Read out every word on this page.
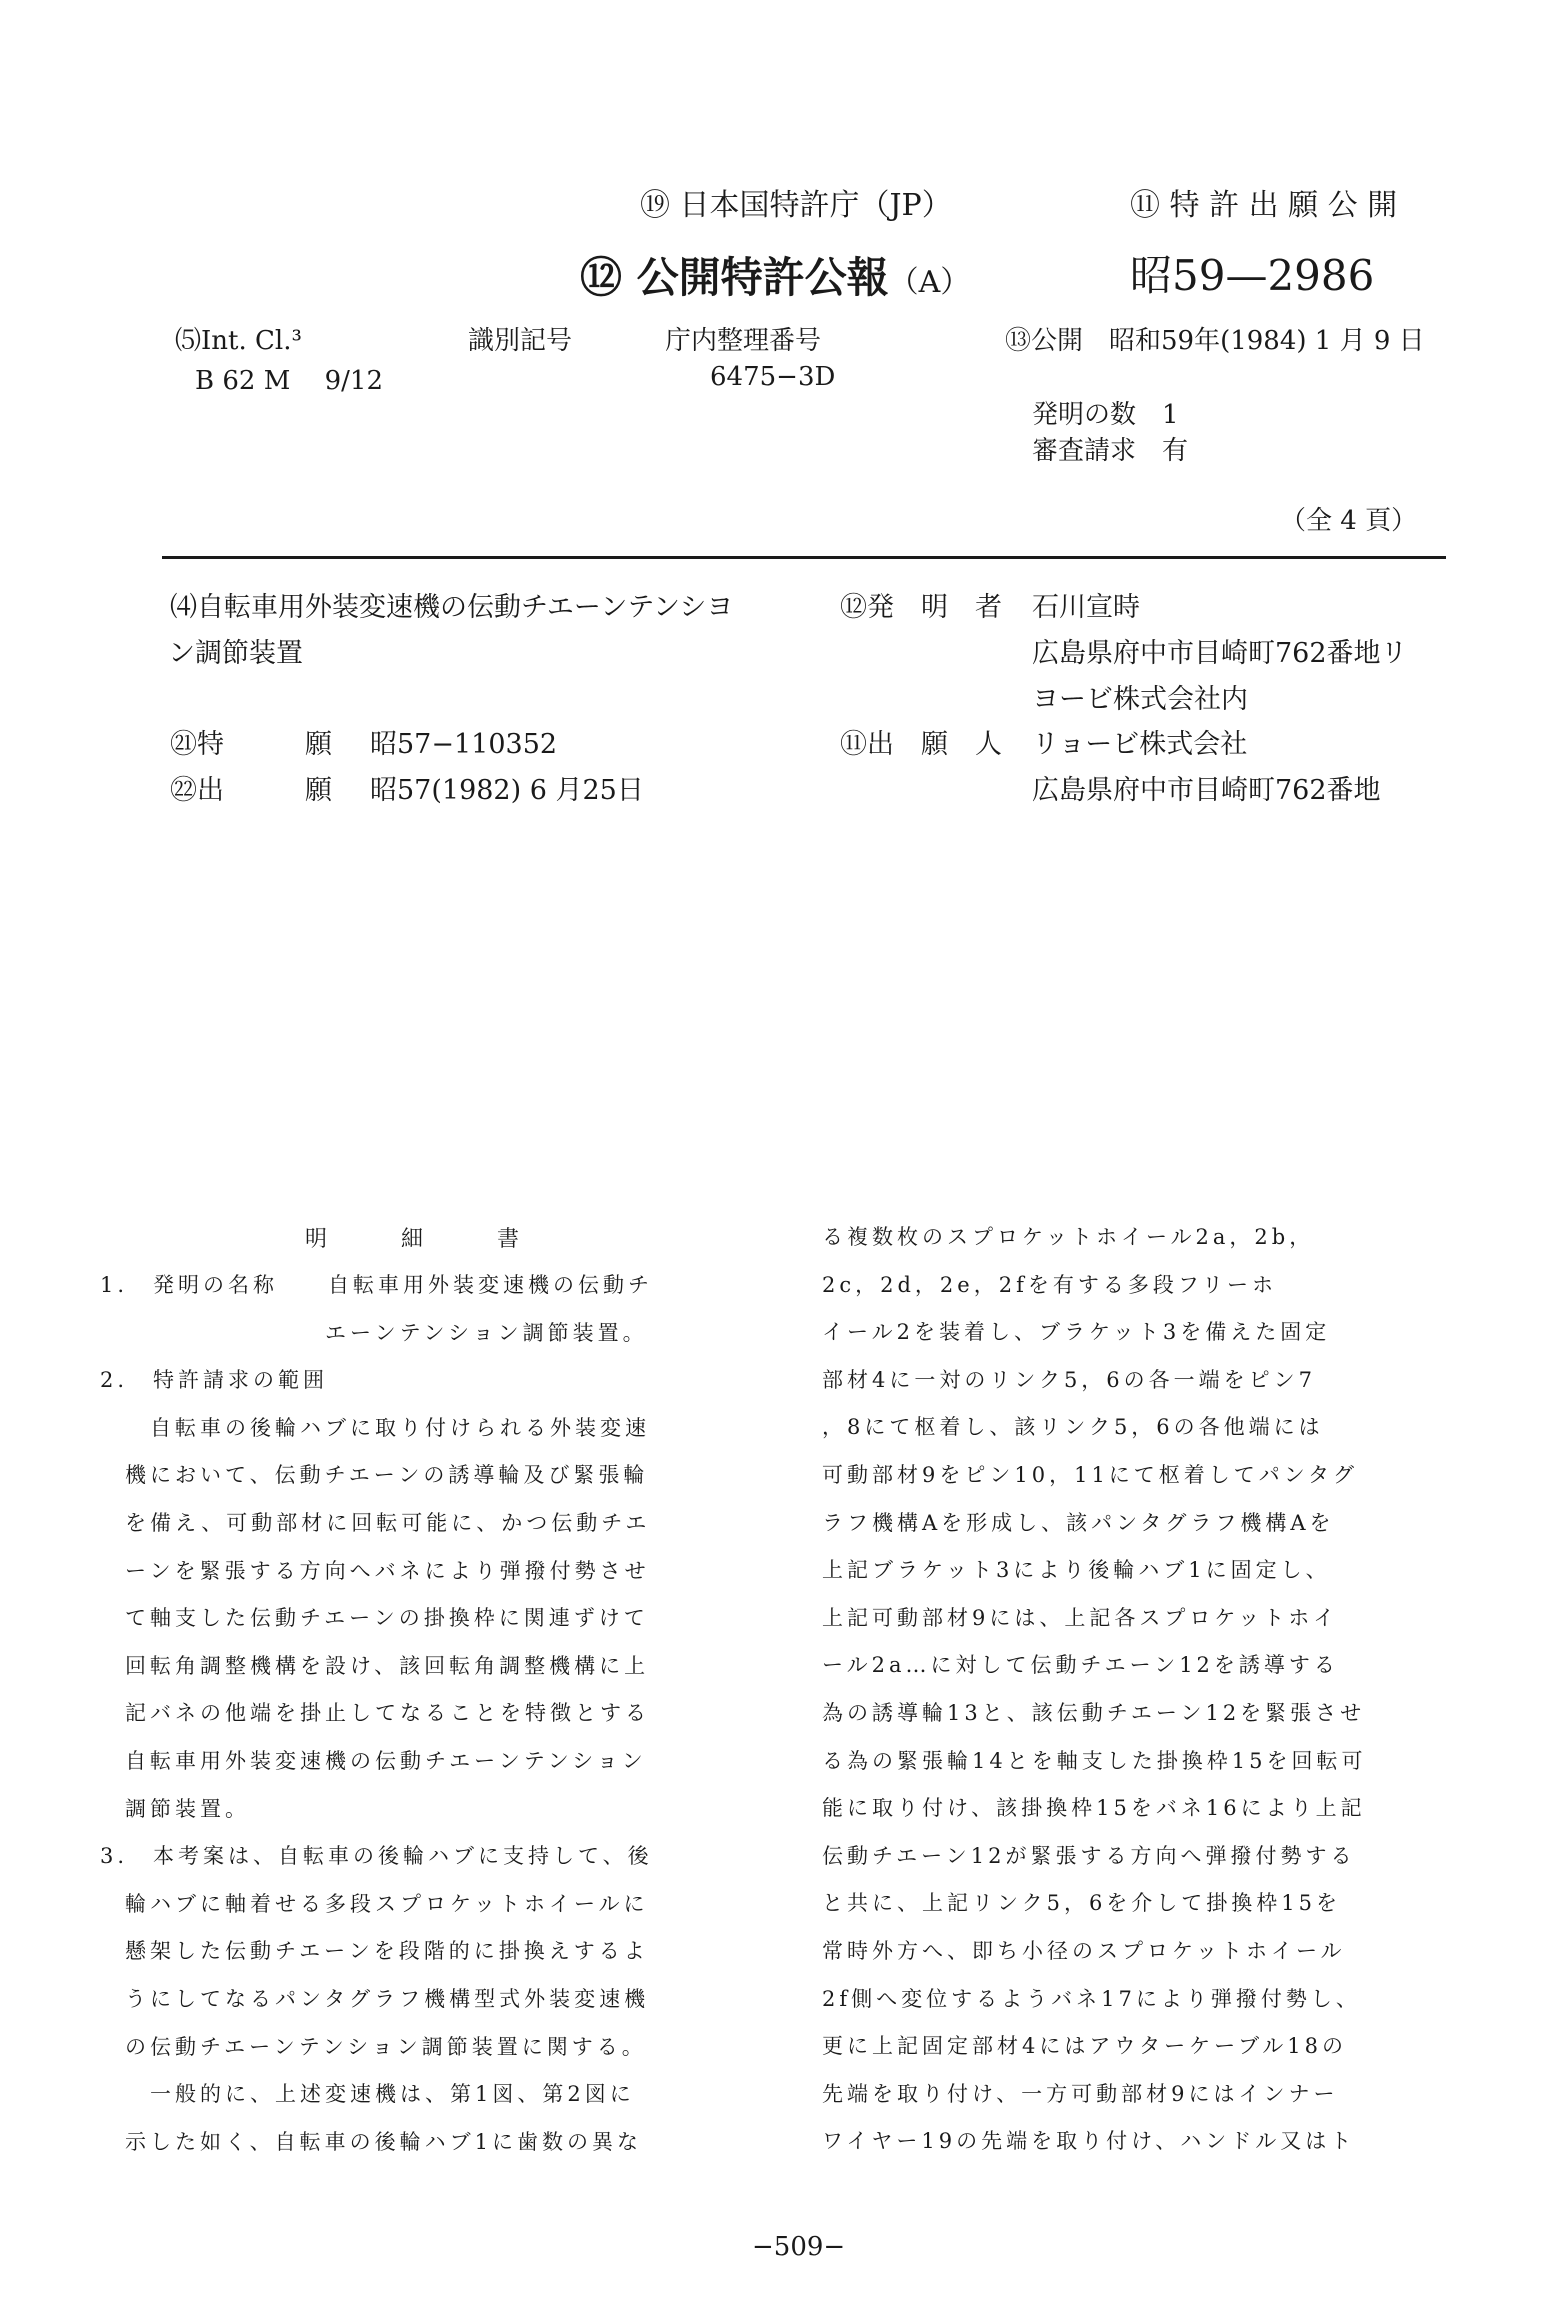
⑲ 日本国特許庁（JP）	⑪ 特 許 出 願 公 開
⑫ 公開特許公報（A）	昭59—2986
⑸Int. Cl.³
B 62 M　 9/12
識別記号	庁内整理番号
6475−3D
⑬公開　昭和59年(1984) 1 月 9 日
発明の数　1
審査請求　有
（全 4 頁）
⑷自転車用外装変速機の伝動チエーンテンシヨ
ン調節装置
㉑特　　　願 昭57−110352
㉒出　　　願 昭57(1982) 6 月25日
⑫発　明　者 石川宣時
広島県府中市目崎町762番地リ
ヨービ株式会社内
⑪出　願　人 リョービ株式会社
広島県府中市目崎町762番地
明　　　細　　　書
1.　発明の名称　　自転車用外装変速機の伝動チ
　　　　　　　　　エーンテンション調節装置。
2.　特許請求の範囲
　　自転車の後輪ハブに取り付けられる外装変速
　機において、伝動チエーンの誘導輪及び緊張輪
　を備え、可動部材に回転可能に、かつ伝動チエ
　ーンを緊張する方向へバネにより弾撥付勢させ
　て軸支した伝動チエーンの掛換枠に関連ずけて
　回転角調整機構を設け、該回転角調整機構に上
　記バネの他端を掛止してなることを特徴とする
　自転車用外装変速機の伝動チエーンテンション
　調節装置。
3.　本考案は、自転車の後輪ハブに支持して、後
　輪ハブに軸着せる多段スプロケットホイールに
　懸架した伝動チエーンを段階的に掛換えするよ
　うにしてなるパンタグラフ機構型式外装変速機
　の伝動チエーンテンション調節装置に関する。
　　一般的に、上述変速機は、第1図、第2図に
　示した如く、自転車の後輪ハブ1に歯数の異な
る複数枚のスプロケットホイール2a，2b，
2c，2d，2e，2fを有する多段フリーホ
イール2を装着し、ブラケット3を備えた固定
部材4に一対のリンク5，6の各一端をピン7
，8にて枢着し、該リンク5，6の各他端には
可動部材9をピン10，11にて枢着してパンタグ
ラフ機構Aを形成し、該パンタグラフ機構Aを
上記ブラケット3により後輪ハブ1に固定し、
上記可動部材9には、上記各スプロケットホイ
ール2a…に対して伝動チエーン12を誘導する
為の誘導輪13と、該伝動チエーン12を緊張させ
る為の緊張輪14とを軸支した掛換枠15を回転可
能に取り付け、該掛換枠15をバネ16により上記
伝動チエーン12が緊張する方向へ弾撥付勢する
と共に、上記リンク5，6を介して掛換枠15を
常時外方へ、即ち小径のスプロケットホイール
2f側へ変位するようバネ17により弾撥付勢し、
更に上記固定部材4にはアウターケーブル18の
先端を取り付け、一方可動部材9にはインナー
ワイヤー19の先端を取り付け、ハンドル又はト
−509−
